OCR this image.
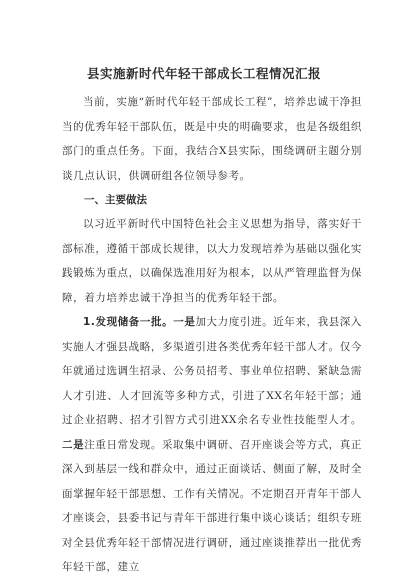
县实施新时代年轻干部成长工程情况汇报
当前，实施“新时代年轻干部成长工程”，培养忠诚干净担当的优秀年轻干部队伍，既是中央的明确要求，也是各级组织部门的重点任务。下面，我结合X县实际，围绕调研主题分别谈几点认识，供调研组各位领导参考。
一、主要做法
以习近平新时代中国特色社会主义思想为指导，落实好干部标准，遵循干部成长规律，以大力发现培养为基础以强化实践锻炼为重点，以确保选准用好为根本，以从严管理监督为保障，着力培养忠诚干净担当的优秀年轻干部。
1.发现储备一批。一是加大力度引进。近年来，我县深入实施人才强县战略，多渠道引进各类优秀年轻干部人才。仅今年就通过选调生招录、公务员招考、事业单位招聘、紧缺急需人才引进、人才回流等多种方式，引进了XX名年轻干部；通过企业招聘、招才引智方式引进XX余名专业性技能型人才。二是注重日常发现。采取集中调研、召开座谈会等方式，真正深入到基层一线和群众中，通过正面谈话、侧面了解，及时全面掌握年轻干部思想、工作有关情况。不定期召开青年干部人才座谈会，县委书记与青年干部进行集中谈心谈话；组织专班对全县优秀年轻干部情况进行调研，通过座谈推荐出一批优秀年轻干部，建立
